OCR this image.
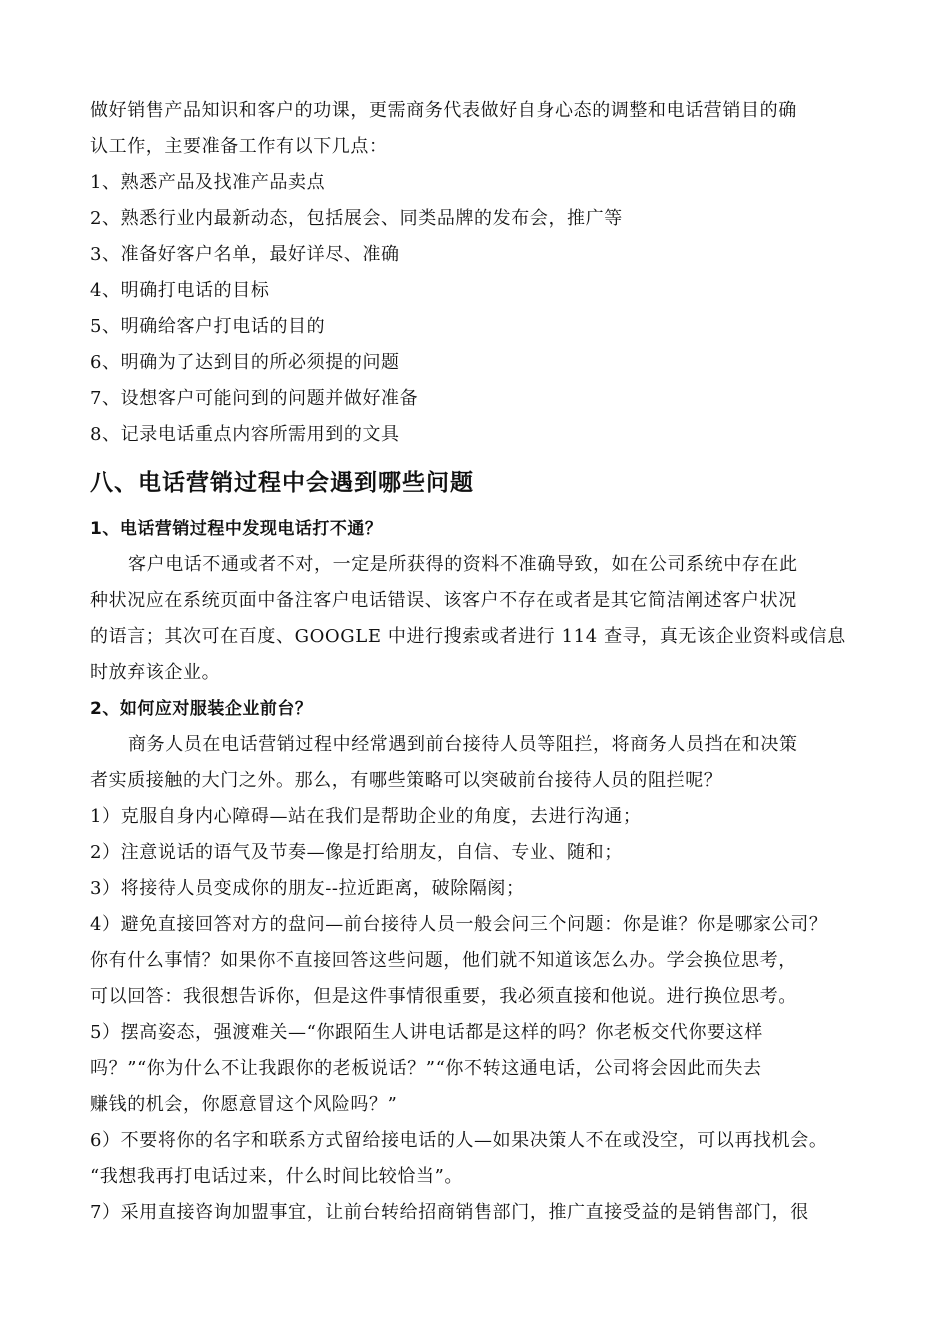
做好销售产品知识和客户的功课，更需商务代表做好自身心态的调整和电话营销目的确
认工作，主要准备工作有以下几点：
1、熟悉产品及找准产品卖点
2、熟悉行业内最新动态，包括展会、同类品牌的发布会，推广等
3、准备好客户名单，最好详尽、准确
4、明确打电话的目标
5、明确给客户打电话的目的
6、明确为了达到目的所必须提的问题
7、设想客户可能问到的问题并做好准备
8、记录电话重点内容所需用到的文具
八、电话营销过程中会遇到哪些问题
1、电话营销过程中发现电话打不通？
客户电话不通或者不对，一定是所获得的资料不准确导致，如在公司系统中存在此
种状况应在系统页面中备注客户电话错误、该客户不存在或者是其它简洁阐述客户状况
的语言；其次可在百度、GOOGLE 中进行搜索或者进行 114 查寻，真无该企业资料或信息
时放弃该企业。
2、如何应对服装企业前台？
商务人员在电话营销过程中经常遇到前台接待人员等阻拦，将商务人员挡在和决策
者实质接触的大门之外。那么，有哪些策略可以突破前台接待人员的阻拦呢？
1）克服自身内心障碍—站在我们是帮助企业的角度，去进行沟通；
2）注意说话的语气及节奏—像是打给朋友，自信、专业、随和；
3）将接待人员变成你的朋友--拉近距离，破除隔阂；
4）避免直接回答对方的盘问—前台接待人员一般会问三个问题：你是谁？你是哪家公司？
你有什么事情？如果你不直接回答这些问题，他们就不知道该怎么办。学会换位思考，
可以回答：我很想告诉你，但是这件事情很重要，我必须直接和他说。进行换位思考。
5）摆高姿态，强渡难关—“你跟陌生人讲电话都是这样的吗？你老板交代你要这样
吗？”“你为什么不让我跟你的老板说话？”“你不转这通电话，公司将会因此而失去
赚钱的机会，你愿意冒这个风险吗？”
6）不要将你的名字和联系方式留给接电话的人—如果决策人不在或没空，可以再找机会。
“我想我再打电话过来，什么时间比较恰当”。
7）采用直接咨询加盟事宜，让前台转给招商销售部门，推广直接受益的是销售部门，很
